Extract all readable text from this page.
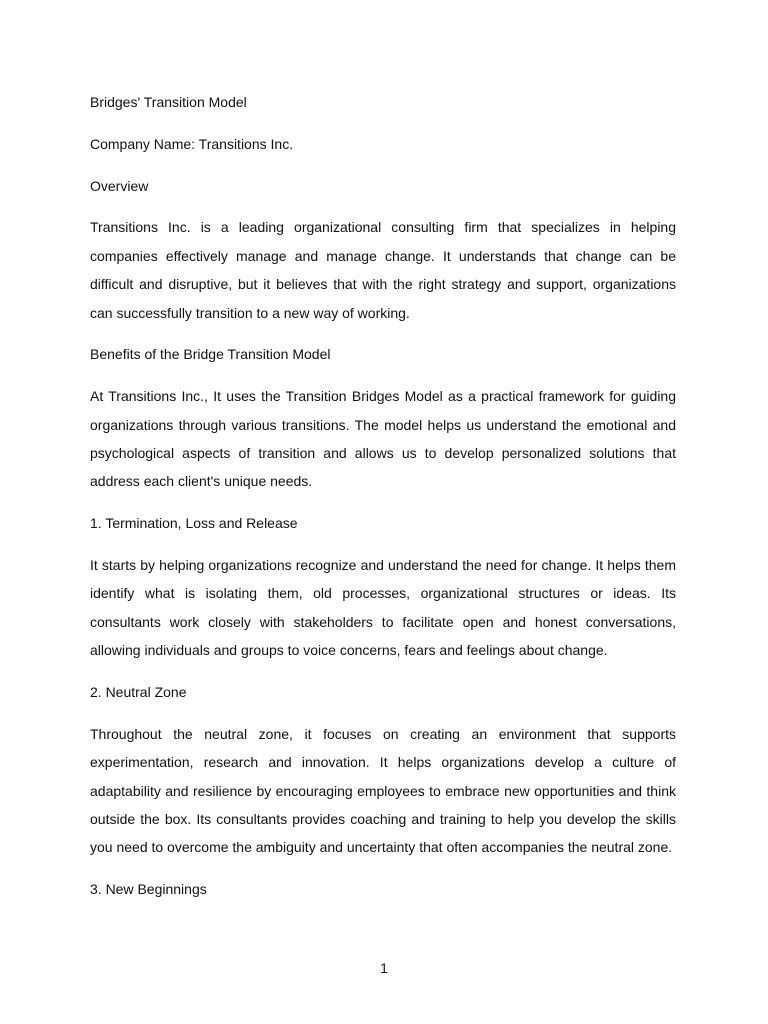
Bridges' Transition Model
Company Name: Transitions Inc.
Overview
Transitions Inc. is a leading organizational consulting firm that specializes in helping companies effectively manage and manage change. It understands that change can be difficult and disruptive, but it believes that with the right strategy and support, organizations can successfully transition to a new way of working.
Benefits of the Bridge Transition Model
At Transitions Inc., It uses the Transition Bridges Model as a practical framework for guiding organizations through various transitions. The model helps us understand the emotional and psychological aspects of transition and allows us to develop personalized solutions that address each client's unique needs.
1. Termination, Loss and Release
It starts by helping organizations recognize and understand the need for change. It helps them identify what is isolating them, old processes, organizational structures or ideas. Its consultants work closely with stakeholders to facilitate open and honest conversations, allowing individuals and groups to voice concerns, fears and feelings about change.
2. Neutral Zone
Throughout the neutral zone, it focuses on creating an environment that supports experimentation, research and innovation. It helps organizations develop a culture of adaptability and resilience by encouraging employees to embrace new opportunities and think outside the box. Its consultants provides coaching and training to help you develop the skills you need to overcome the ambiguity and uncertainty that often accompanies the neutral zone.
3. New Beginnings
1
